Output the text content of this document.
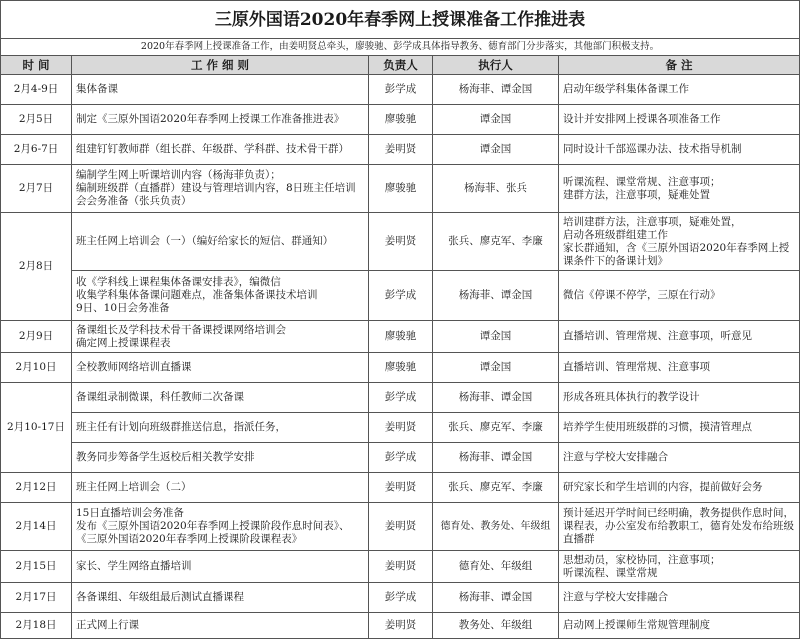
三原外国语2020年春季网上授课准备工作推进表				
2020年春季网上授课准备工作，由姜明贤总牵头，廖骏驰、彭学成具体指导教务、德育部门分步落实，其他部门积极支持。				
时 间	工 作 细 则	负责人	执行人	备 注
2月4-9日	集体备课	彭学成	杨海菲、谭金国	启动年级学科集体备课工作
2月5日	制定《三原外国语2020年春季网上授课工作准备推进表》	廖骏驰	谭金国	设计并安排网上授课各项准备工作
2月6-7日	组建钉钉教师群（组长群、年级群、学科群、技术骨干群）	姜明贤	谭金国	同时设计千部巡课办法、技术指导机制
2月7日	编制学生网上听课培训内容（杨海菲负责）；
编制班级群（直播群）建设与管理培训内容，8日班主任培训会会务准备（张兵负责）	廖骏驰	杨海菲、张兵	听课流程、课堂常规、注意事项；
建群方法，注意事项，疑难处置
2月8日	班主任网上培训会（一）（编好给家长的短信、群通知）	姜明贤	张兵、廖克军、李廉	培训建群方法，注意事项，疑难处置，
启动各班级群组建工作
家长群通知，含《三原外国语2020年春季网上授课条件下的备课计划》
	收《学科线上课程集体备课安排表》，编微信
收集学科集体备课问题难点，准备集体备课技术培训
9日、10日会务准备	彭学成	杨海菲、谭金国	微信《停课不停学，三原在行动》
2月9日	备课组长及学科技术骨干备课授课网络培训会
确定网上授课课程表	廖骏驰	谭金国	直播培训、管理常规、注意事项，听意见
2月10日	全校教师网络培训直播课	廖骏驰	谭金国	直播培训、管理常规、注意事项
2月10-17日	备课组录制微课，科任教师二次备课	彭学成	杨海菲、谭金国	形成各班具体执行的教学设计
	班主任有计划向班级群推送信息，指派任务，	姜明贤	张兵、廖克军、李廉	培养学生使用班级群的习惯，摸清管理点
	教务同步筹备学生返校后相关教学安排	彭学成	杨海菲、谭金国	注意与学校大安排融合
2月12日	班主任网上培训会（二）	姜明贤	张兵、廖克军、李廉	研究家长和学生培训的内容，提前做好会务
2月14日	15日直播培训会务准备
发布《三原外国语2020年春季网上授课阶段作息时间表》、《三原外国语2020年春季网上授课阶段课程表》	姜明贤	德育处、教务处、年级组	预计延迟开学时间已经明确，教务提供作息时间，课程表，办公室发布给教职工，德育处发布给班级直播群
2月15日	家长、学生网络直播培训	姜明贤	德育处、年级组	思想动员，家校协同，注意事项；
听课流程、课堂常规
2月17日	各备课组、年级组最后测试直播课程	彭学成	杨海菲、谭金国	注意与学校大安排融合
2月18日	正式网上行课	姜明贤	教务处、年级组	启动网上授课师生常规管理制度
